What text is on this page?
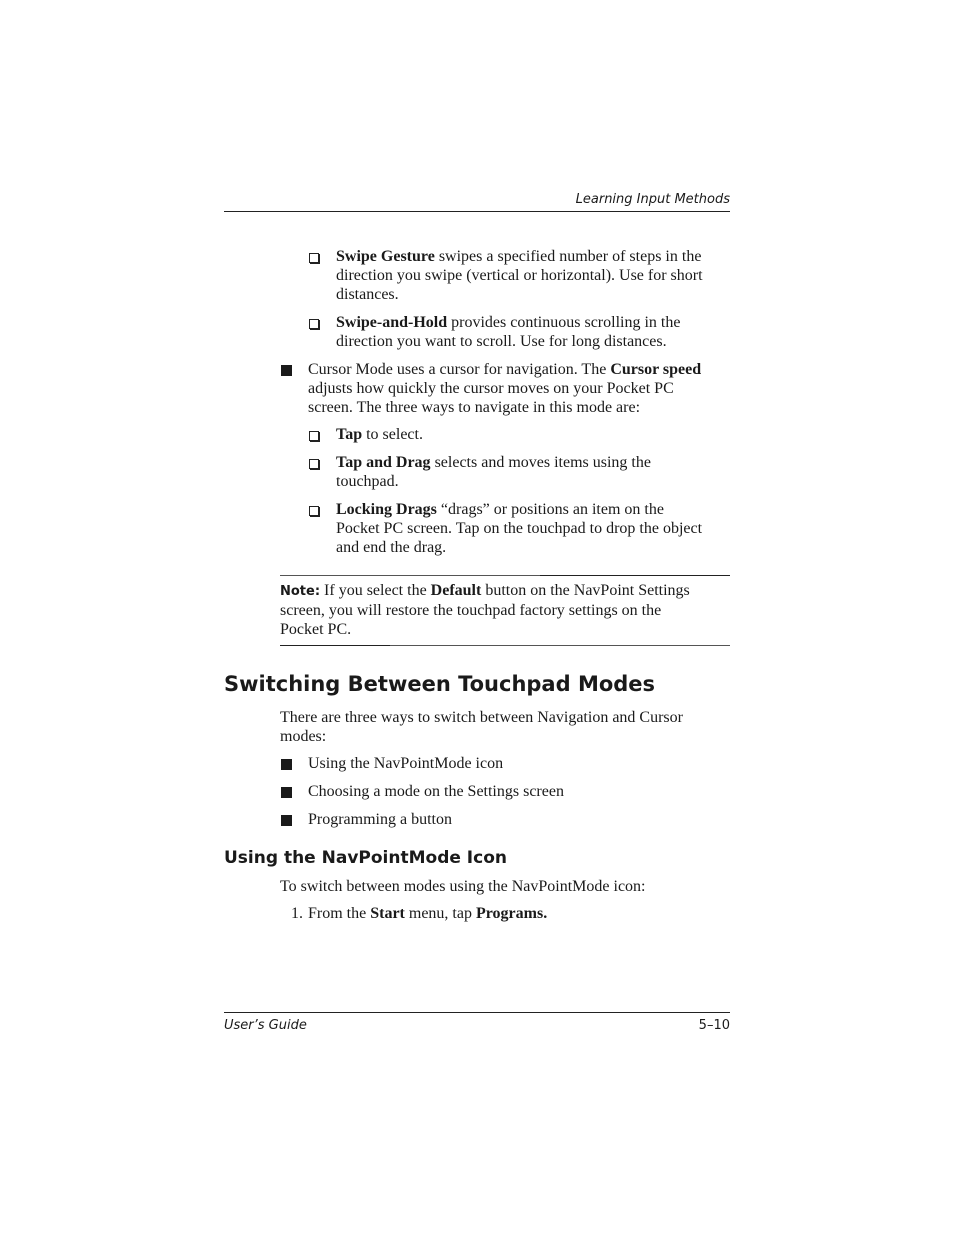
Learning Input Methods
Swipe Gesture swipes a specified number of steps in the
direction you swipe (vertical or horizontal). Use for short
distances.
Swipe-and-Hold provides continuous scrolling in the
direction you want to scroll. Use for long distances.
Cursor Mode uses a cursor for navigation. The Cursor speed
adjusts how quickly the cursor moves on your Pocket PC
screen. The three ways to navigate in this mode are:
Tap to select.
Tap and Drag selects and moves items using the
touchpad.
Locking Drags “drags” or positions an item on the
Pocket PC screen. Tap on the touchpad to drop the object
and end the drag.
Note: If you select the Default button on the NavPoint Settings
screen, you will restore the touchpad factory settings on the
Pocket PC.
Switching Between Touchpad Modes
There are three ways to switch between Navigation and Cursor
modes:
Using the NavPointMode icon
Choosing a mode on the Settings screen
Programming a button
Using the NavPointMode Icon
To switch between modes using the NavPointMode icon:
1. From the Start menu, tap Programs.
User’s Guide	5–10
